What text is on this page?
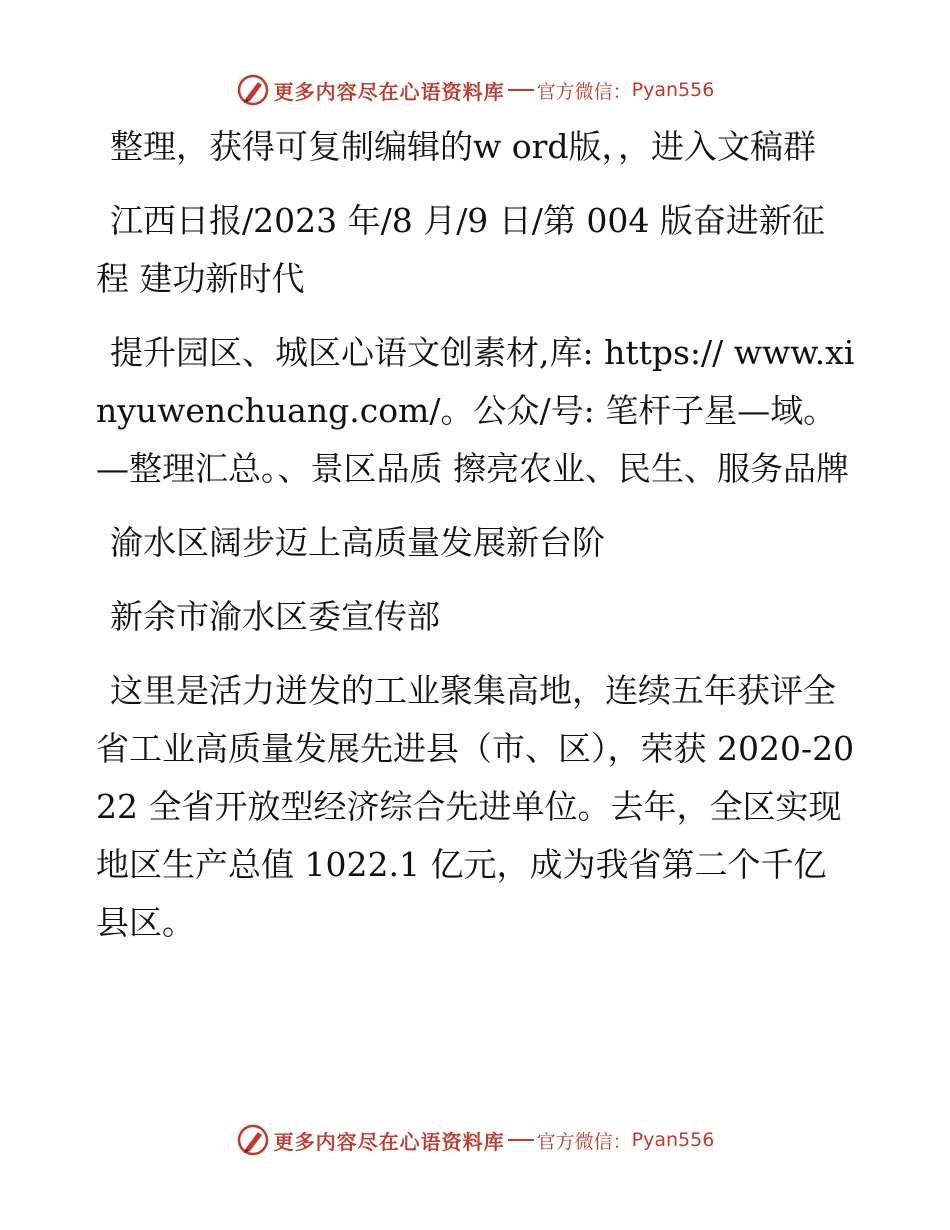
更多内容尽在心语资料库 官方微信： Pyan556

整理，获得可复制编辑的w ord版，，进入文稿群

江西日报/2023 年/8 月/9 日/第 004 版奋进新征程 建功新时代

提升园区、城区心语文创素材,库: https:// www.xinyuwenchuang.com/。公众/号: 笔杆子星—域。—整理汇总。、景区品质 擦亮农业、民生、服务品牌

渝水区阔步迈上高质量发展新台阶

新余市渝水区委宣传部

这里是活力迸发的工业聚集高地，连续五年获评全省工业高质量发展先进县（市、区），荣获 2020-2022 全省开放型经济综合先进单位。去年，全区实现地区生产总值 1022.1 亿元，成为我省第二个千亿县区。

更多内容尽在心语资料库 官方微信： Pyan556
